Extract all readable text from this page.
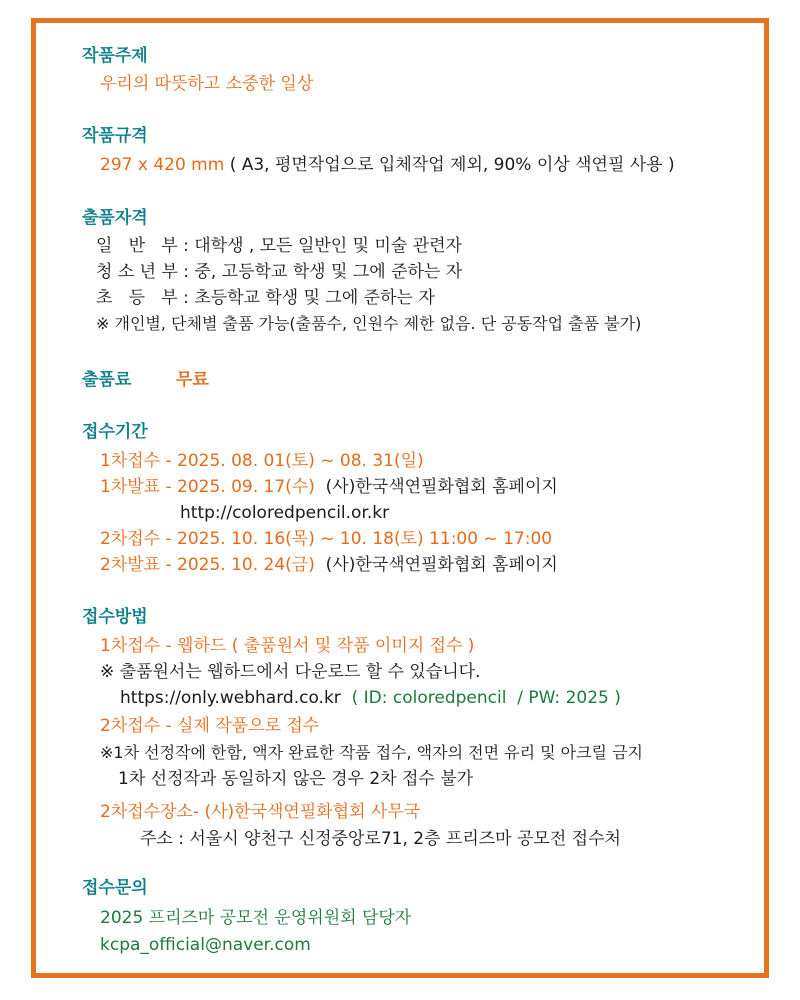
작품주제
우리의 따뜻하고 소중한 일상
작품규격
297 x 420 mm ( A3, 평면작업으로 입체작업 제외, 90% 이상 색연필 사용 )
출품자격
일   반   부 : 대학생 , 모든 일반인 및 미술 관련자
청 소 년 부 : 중, 고등학교 학생 및 그에 준하는 자
초   등   부 : 초등학교 학생 및 그에 준하는 자
※ 개인별, 단체별 출품 가능(출품수, 인원수 제한 없음. 단 공동작업 출품 불가)
출품료	무료
접수기간
1차접수 - 2025. 08. 01(토) ~ 08. 31(일)
1차발표 - 2025. 09. 17(수)  (사)한국색연필화협회 홈페이지
http://coloredpencil.or.kr
2차접수 - 2025. 10. 16(목) ~ 10. 18(토) 11:00 ~ 17:00
2차발표 - 2025. 10. 24(금)  (사)한국색연필화협회 홈페이지
접수방법
1차접수 - 웹하드 ( 출품원서 및 작품 이미지 접수 )
※ 출품원서는 웹하드에서 다운로드 할 수 있습니다.
https://only.webhard.co.kr  ( ID: coloredpencil  / PW: 2025 )
2차접수 - 실제 작품으로 접수
※1차 선정작에 한함, 액자 완료한 작품 접수, 액자의 전면 유리 및 아크릴 금지
1차 선정작과 동일하지 않은 경우 2차 접수 불가
2차접수장소- (사)한국색연필화협회 사무국
주소 : 서울시 양천구 신정중앙로71, 2층 프리즈마 공모전 접수처
접수문의
2025 프리즈마 공모전 운영위원회 담당자
kcpa_official@naver.com
